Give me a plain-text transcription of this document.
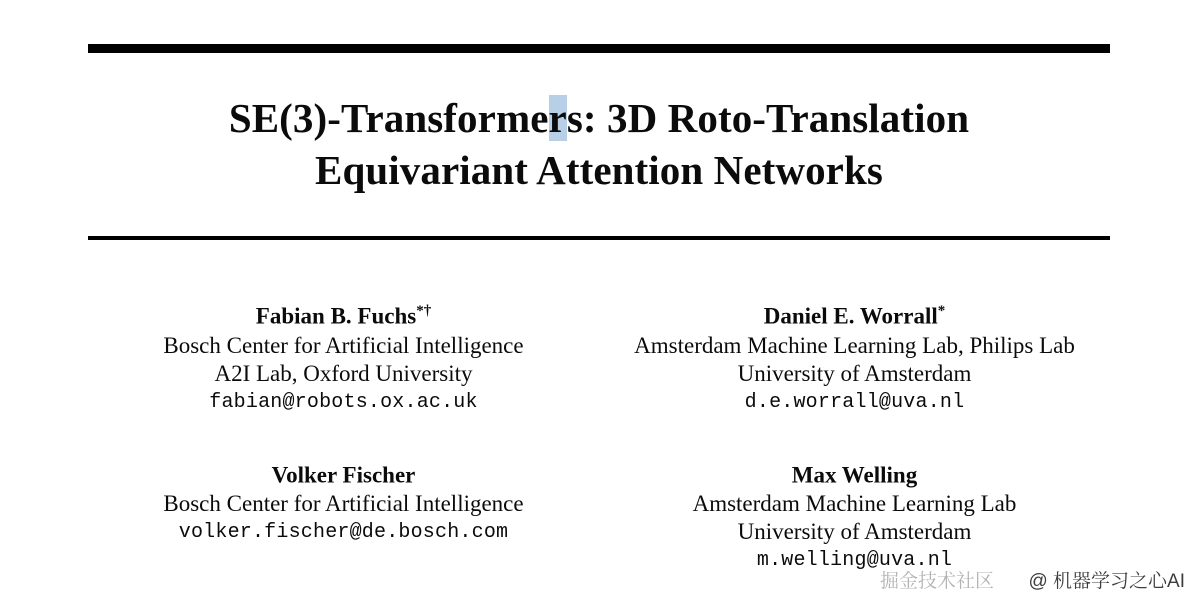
SE(3)-Transformers: 3D Roto-Translation
Equivariant Attention Networks
Fabian B. Fuchs*†
Bosch Center for Artificial Intelligence
A2I Lab, Oxford University
fabian@robots.ox.ac.uk
Volker Fischer
Bosch Center for Artificial Intelligence
volker.fischer@de.bosch.com
Daniel E. Worrall*
Amsterdam Machine Learning Lab, Philips Lab
University of Amsterdam
d.e.worrall@uva.nl
Max Welling
Amsterdam Machine Learning Lab
University of Amsterdam
m.welling@uva.nl
掘金技术社区 @ 机器学习之心AI
